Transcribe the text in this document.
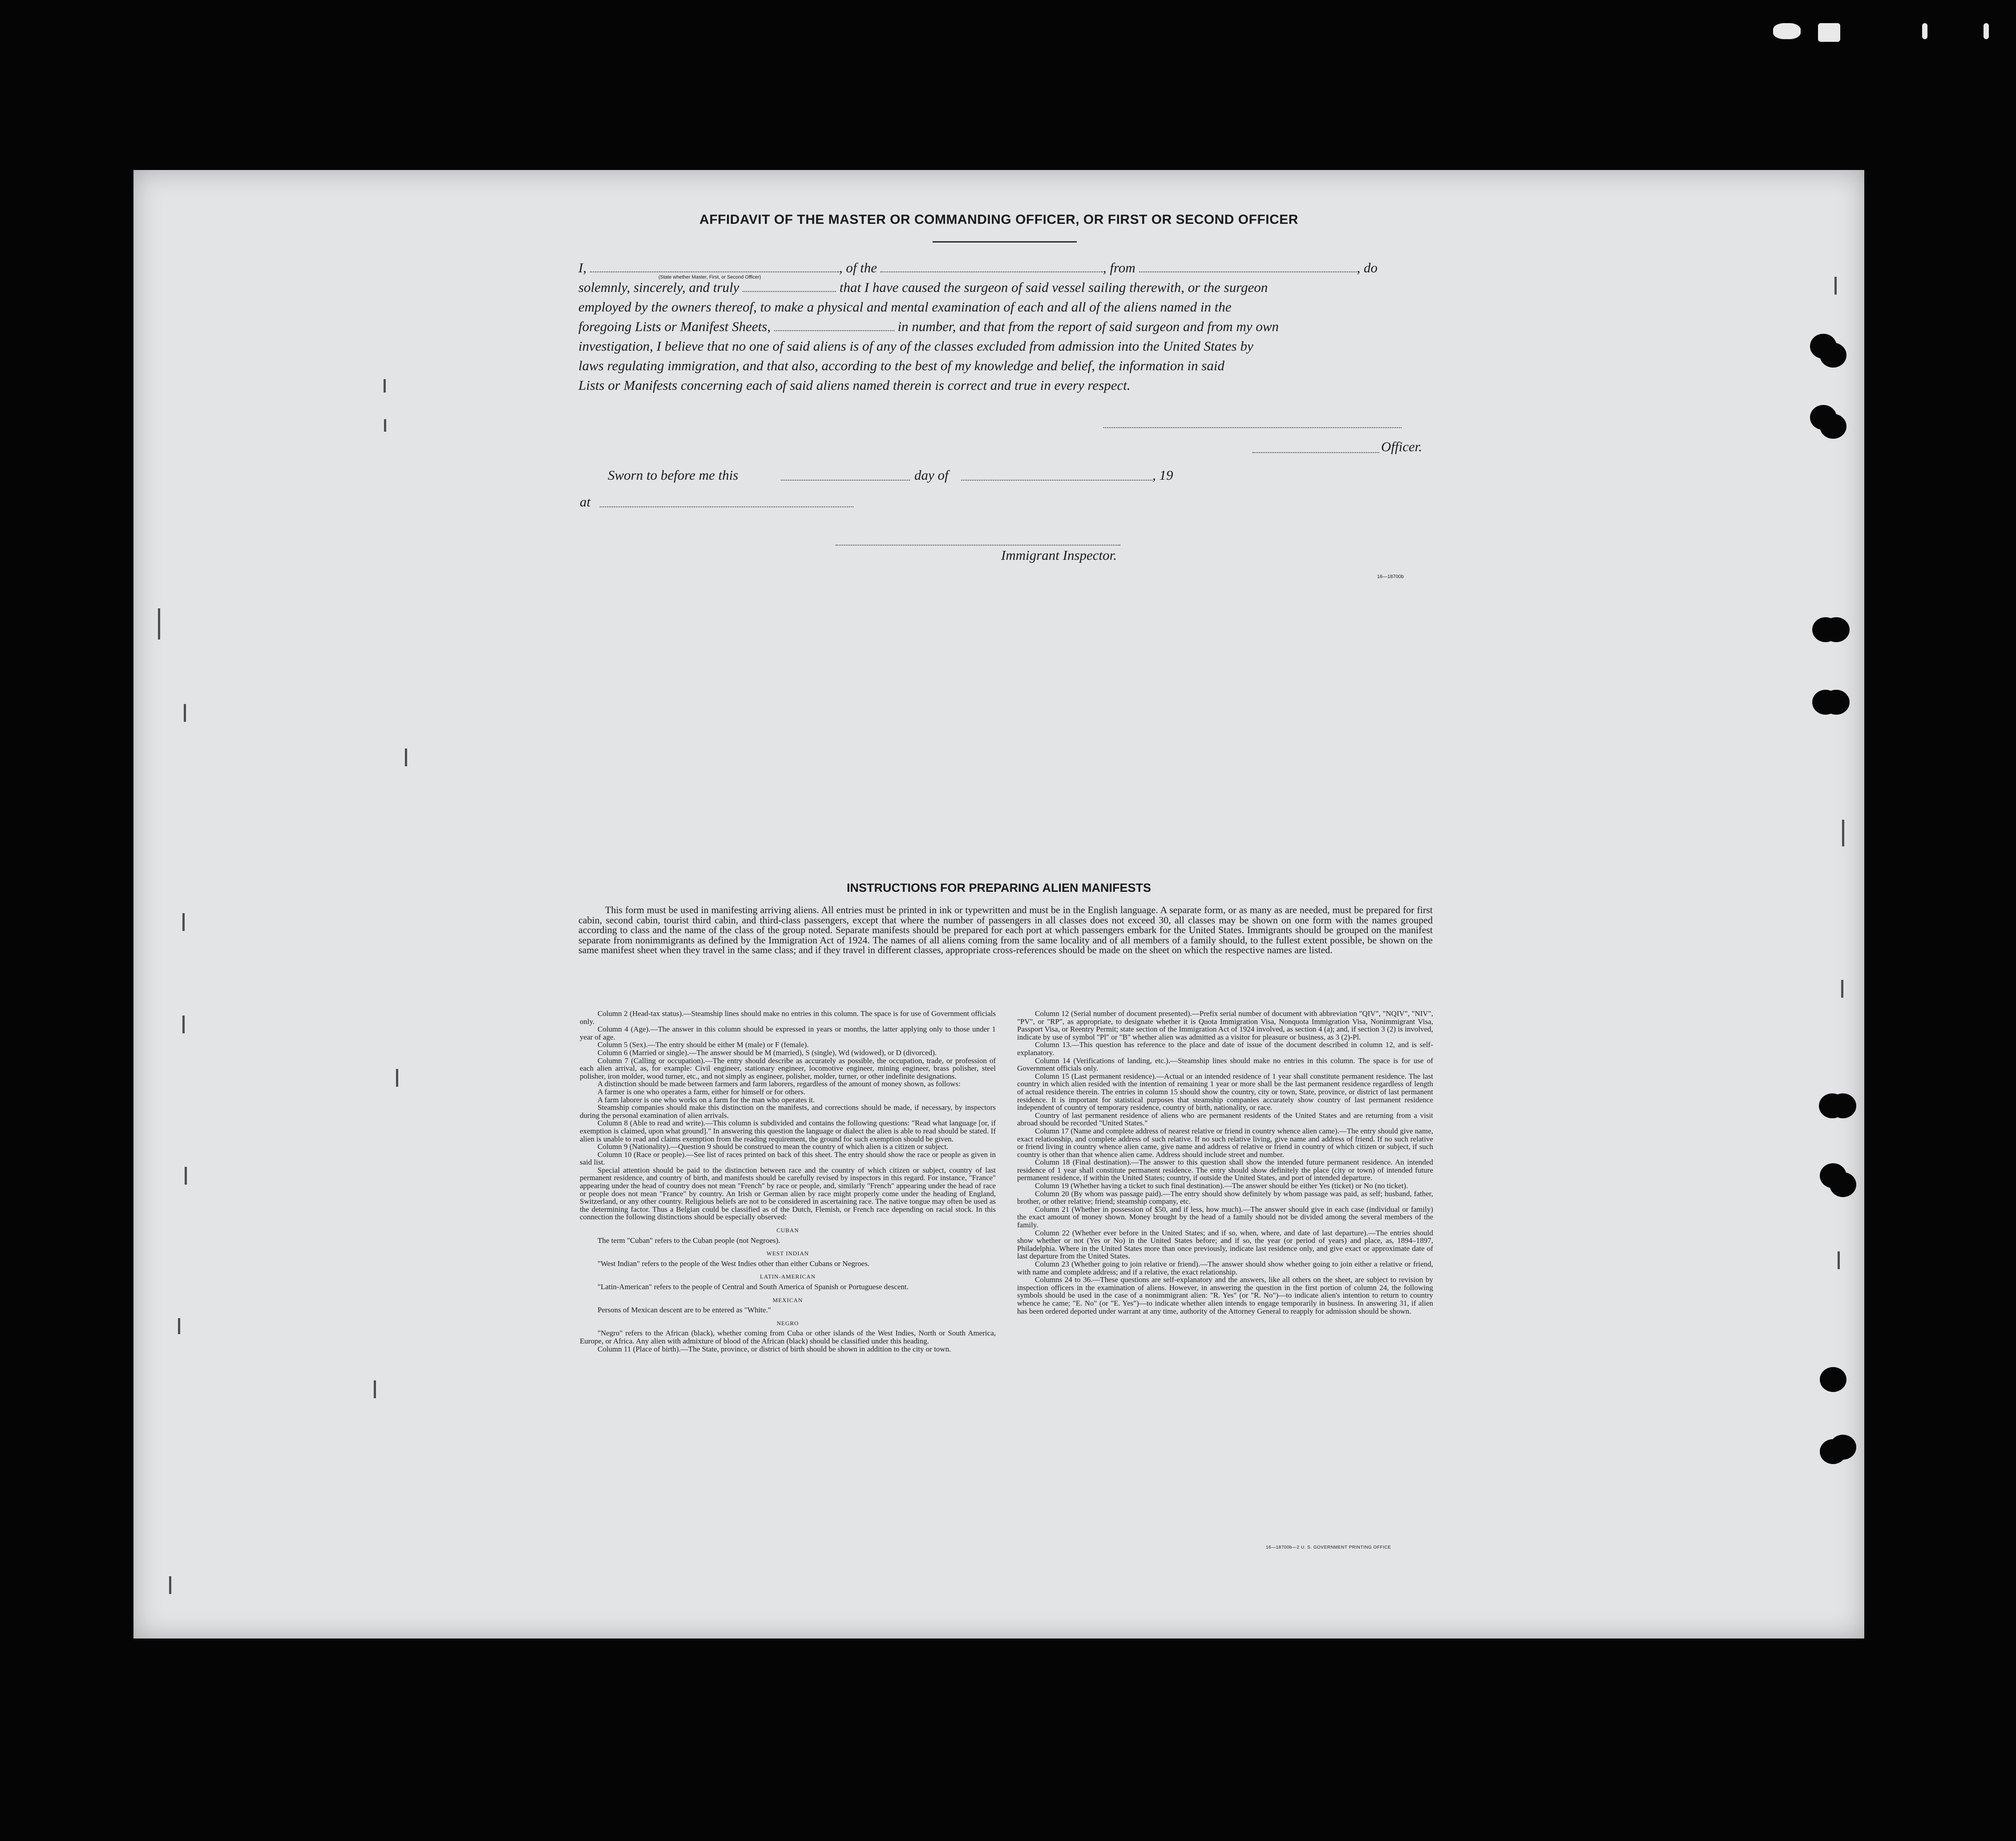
AFFIDAVIT OF THE MASTER OR COMMANDING OFFICER, OR FIRST OR SECOND OFFICER
I,	, of the	, from	, do
(State whether Master, First, or Second Officer)
solemnly, sincerely, and truly	that I have caused the surgeon of said vessel sailing therewith, or the surgeon
employed by the owners thereof, to make a physical and mental examination of each and all of the aliens named in the
foregoing Lists or Manifest Sheets,	in number, and that from the report of said surgeon and from my own
investigation, I believe that no one of said aliens is of any of the classes excluded from admission into the United States by
laws regulating immigration, and that also, according to the best of my knowledge and belief, the information in said
Lists or Manifests concerning each of said aliens named therein is correct and true in every respect.
Officer.
Sworn to before me this	day of	, 19
at
Immigrant Inspector.
16—18700b
INSTRUCTIONS FOR PREPARING ALIEN MANIFESTS
This form must be used in manifesting arriving aliens. All entries must be printed in ink or typewritten and must be in the English language. A separate form, or as many as are needed, must be prepared for first cabin, second cabin, tourist third cabin, and third-class passengers, except that where the number of passengers in all classes does not exceed 30, all classes may be shown on one form with the names grouped according to class and the name of the class of the group noted. Separate manifests should be prepared for each port at which passengers embark for the United States. Immigrants should be grouped on the manifest separate from nonimmigrants as defined by the Immigration Act of 1924. The names of all aliens coming from the same locality and of all members of a family should, to the fullest extent possible, be shown on the same manifest sheet when they travel in the same class; and if they travel in different classes, appropriate cross-references should be made on the sheet on which the respective names are listed.

Column 2 (Head-tax status).—Steamship lines should make no entries in this column. The space is for use of Government officials only.

Column 4 (Age).—The answer in this column should be expressed in years or months, the latter applying only to those under 1 year of age.

Column 5 (Sex).—The entry should be either M (male) or F (female).

Column 6 (Married or single).—The answer should be M (married), S (single), Wd (widowed), or D (divorced).

Column 7 (Calling or occupation).—The entry should describe as accurately as possible, the occupation, trade, or profession of each alien arrival, as, for example: Civil engineer, stationary engineer, locomotive engineer, mining engineer, brass polisher, steel polisher, iron molder, wood turner, etc., and not simply as engineer, polisher, molder, turner, or other indefinite designations.

A distinction should be made between farmers and farm laborers, regardless of the amount of money shown, as follows:

A farmer is one who operates a farm, either for himself or for others.

A farm laborer is one who works on a farm for the man who operates it.

Steamship companies should make this distinction on the manifests, and corrections should be made, if necessary, by inspectors during the personal examination of alien arrivals.

Column 8 (Able to read and write).—This column is subdivided and contains the following questions: "Read what language [or, if exemption is claimed, upon what ground]." In answering this question the language or dialect the alien is able to read should be stated. If alien is unable to read and claims exemption from the reading requirement, the ground for such exemption should be given.

Column 9 (Nationality).—Question 9 should be construed to mean the country of which alien is a citizen or subject.

Column 10 (Race or people).—See list of races printed on back of this sheet. The entry should show the race or people as given in said list.

Special attention should be paid to the distinction between race and the country of which citizen or subject, country of last permanent residence, and country of birth, and manifests should be carefully revised by inspectors in this regard. For instance, "France" appearing under the head of country does not mean "French" by race or people, and, similarly "French" appearing under the head of race or people does not mean "France" by country. An Irish or German alien by race might properly come under the heading of England, Switzerland, or any other country. Religious beliefs are not to be considered in ascertaining race. The native tongue may often be used as the determining factor. Thus a Belgian could be classified as of the Dutch, Flemish, or French race depending on racial stock. In this connection the following distinctions should be especially observed:

CUBAN

The term "Cuban" refers to the Cuban people (not Negroes).

WEST INDIAN

"West Indian" refers to the people of the West Indies other than either Cubans or Negroes.

LATIN-AMERICAN

"Latin-American" refers to the people of Central and South America of Spanish or Portuguese descent.

MEXICAN

Persons of Mexican descent are to be entered as "White."

NEGRO

"Negro" refers to the African (black), whether coming from Cuba or other islands of the West Indies, North or South America, Europe, or Africa. Any alien with admixture of blood of the African (black) should be classified under this heading.

Column 11 (Place of birth).—The State, province, or district of birth should be shown in addition to the city or town.

Column 12 (Serial number of document presented).—Prefix serial number of document with abbreviation "QIV", "NQIV", "NIV", "PV", or "RP", as appropriate, to designate whether it is Quota Immigration Visa, Nonquota Immigration Visa, Nonimmigrant Visa, Passport Visa, or Reentry Permit; state section of the Immigration Act of 1924 involved, as section 4 (a); and, if section 3 (2) is involved, indicate by use of symbol "Pl" or "B" whether alien was admitted as a visitor for pleasure or business, as 3 (2)-Pl.

Column 13.—This question has reference to the place and date of issue of the document described in column 12, and is self-explanatory.

Column 14 (Verifications of landing, etc.).—Steamship lines should make no entries in this column. The space is for use of Government officials only.

Column 15 (Last permanent residence).—Actual or an intended residence of 1 year shall constitute permanent residence. The last country in which alien resided with the intention of remaining 1 year or more shall be the last permanent residence regardless of length of actual residence therein. The entries in column 15 should show the country, city or town, State, province, or district of last permanent residence. It is important for statistical purposes that steamship companies accurately show country of last permanent residence independent of country of temporary residence, country of birth, nationality, or race.

Country of last permanent residence of aliens who are permanent residents of the United States and are returning from a visit abroad should be recorded "United States."

Column 17 (Name and complete address of nearest relative or friend in country whence alien came).—The entry should give name, exact relationship, and complete address of such relative. If no such relative living, give name and address of friend. If no such relative or friend living in country whence alien came, give name and address of relative or friend in country of which citizen or subject, if such country is other than that whence alien came. Address should include street and number.

Column 18 (Final destination).—The answer to this question shall show the intended future permanent residence. An intended residence of 1 year shall constitute permanent residence. The entry should show definitely the place (city or town) of intended future permanent residence, if within the United States; country, if outside the United States, and port of intended departure.

Column 19 (Whether having a ticket to such final destination).—The answer should be either Yes (ticket) or No (no ticket).

Column 20 (By whom was passage paid).—The entry should show definitely by whom passage was paid, as self; husband, father, brother, or other relative; friend; steamship company, etc.

Column 21 (Whether in possession of $50, and if less, how much).—The answer should give in each case (individual or family) the exact amount of money shown. Money brought by the head of a family should not be divided among the several members of the family.

Column 22 (Whether ever before in the United States; and if so, when, where, and date of last departure).—The entries should show whether or not (Yes or No) in the United States before; and if so, the year (or period of years) and place, as, 1894–1897, Philadelphia. Where in the United States more than once previously, indicate last residence only, and give exact or approximate date of last departure from the United States.

Column 23 (Whether going to join relative or friend).—The answer should show whether going to join either a relative or friend, with name and complete address; and if a relative, the exact relationship.

Columns 24 to 36.—These questions are self-explanatory and the answers, like all others on the sheet, are subject to revision by inspection officers in the examination of aliens. However, in answering the question in the first portion of column 24, the following symbols should be used in the case of a nonimmigrant alien: "R. Yes" (or "R. No")—to indicate alien's intention to return to country whence he came; "E. No" (or "E. Yes")—to indicate whether alien intends to engage temporarily in business. In answering 31, if alien has been ordered deported under warrant at any time, authority of the Attorney General to reapply for admission should be shown.

16—18700b—2 U. S. GOVERNMENT PRINTING OFFICE
